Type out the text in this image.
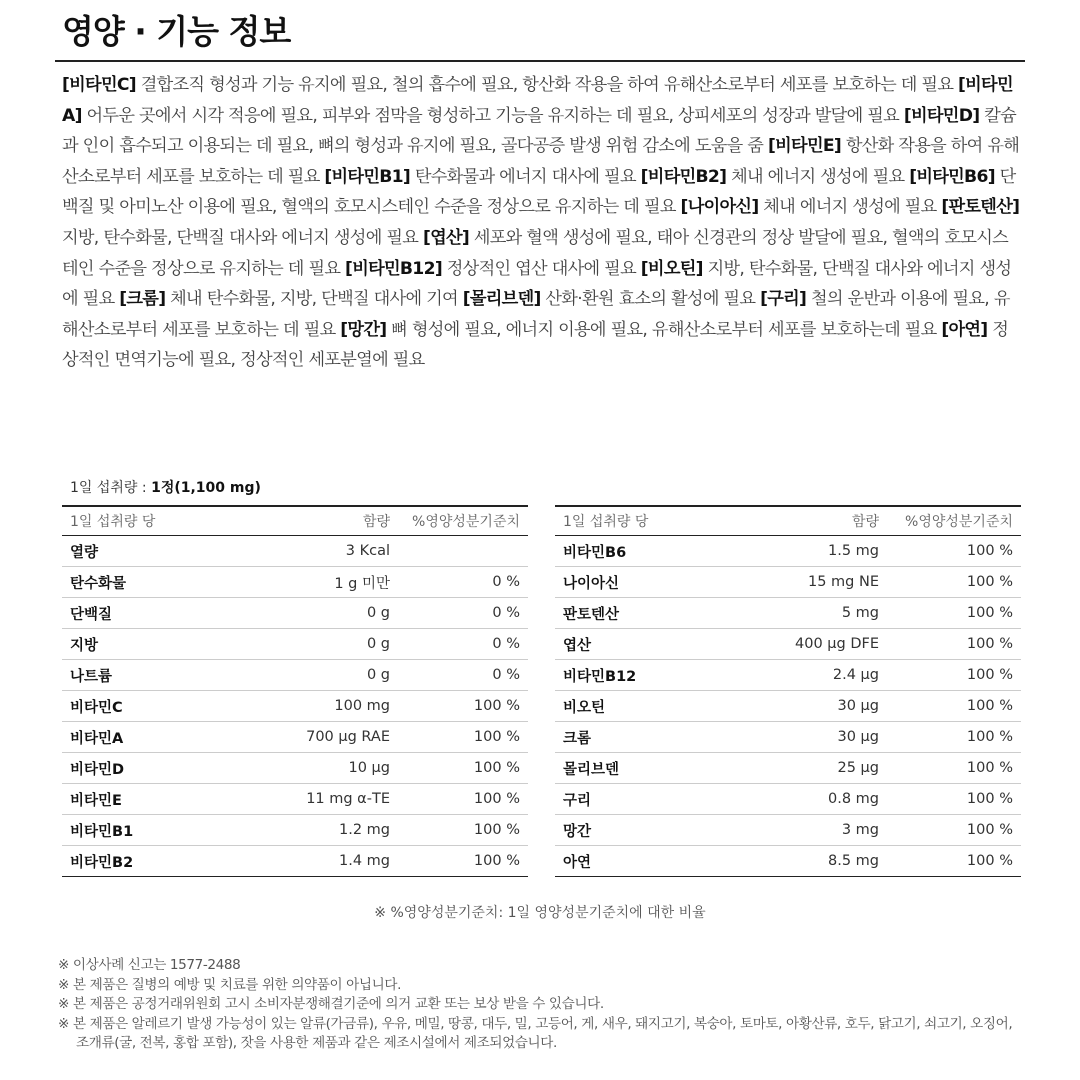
영양 · 기능 정보

[비타민C] 결합조직 형성과 기능 유지에 필요, 철의 흡수에 필요, 항산화 작용을 하여 유해산소로부터 세포를 보호하는 데 필요 [비타민A] 어두운 곳에서 시각 적응에 필요, 피부와 점막을 형성하고 기능을 유지하는 데 필요, 상피세포의 성장과 발달에 필요 [비타민D] 칼슘과 인이 흡수되고 이용되는 데 필요, 뼈의 형성과 유지에 필요, 골다공증 발생 위험 감소에 도움을 줌 [비타민E] 항산화 작용을 하여 유해산소로부터 세포를 보호하는 데 필요 [비타민B1] 탄수화물과 에너지 대사에 필요 [비타민B2] 체내 에너지 생성에 필요 [비타민B6] 단백질 및 아미노산 이용에 필요, 혈액의 호모시스테인 수준을 정상으로 유지하는 데 필요 [나이아신] 체내 에너지 생성에 필요 [판토텐산] 지방, 탄수화물, 단백질 대사와 에너지 생성에 필요 [엽산] 세포와 혈액 생성에 필요, 태아 신경관의 정상 발달에 필요, 혈액의 호모시스테인 수준을 정상으로 유지하는 데 필요 [비타민B12] 정상적인 엽산 대사에 필요 [비오틴] 지방, 탄수화물, 단백질 대사와 에너지 생성에 필요 [크롬] 체내 탄수화물, 지방, 단백질 대사에 기여 [몰리브덴] 산화·환원 효소의 활성에 필요 [구리] 철의 운반과 이용에 필요, 유해산소로부터 세포를 보호하는 데 필요 [망간] 뼈 형성에 필요, 에너지 이용에 필요, 유해산소로부터 세포를 보호하는데 필요 [아연] 정상적인 면역기능에 필요, 정상적인 세포분열에 필요

1일 섭취량 : 1정(1,100 mg)

1일 섭취량 당	함량	%영양성분기준치
열량	3 Kcal	
탄수화물	1 g 미만	0 %
단백질	0 g	0 %
지방	0 g	0 %
나트륨	0 g	0 %
비타민C	100 mg	100 %
비타민A	700 μg RAE	100 %
비타민D	10 μg	100 %
비타민E	11 mg α-TE	100 %
비타민B1	1.2 mg	100 %
비타민B2	1.4 mg	100 %
1일 섭취량 당	함량	%영양성분기준치
비타민B6	1.5 mg	100 %
나이아신	15 mg NE	100 %
판토텐산	5 mg	100 %
엽산	400 μg DFE	100 %
비타민B12	2.4 μg	100 %
비오틴	30 μg	100 %
크롬	30 μg	100 %
몰리브덴	25 μg	100 %
구리	0.8 mg	100 %
망간	3 mg	100 %
아연	8.5 mg	100 %

※ %영양성분기준치: 1일 영양성분기준치에 대한 비율

※ 이상사례 신고는 1577-2488
※ 본 제품은 질병의 예방 및 치료를 위한 의약품이 아닙니다.
※ 본 제품은 공정거래위원회 고시 소비자분쟁해결기준에 의거 교환 또는 보상 받을 수 있습니다.
※ 본 제품은 알레르기 발생 가능성이 있는 알류(가금류), 우유, 메밀, 땅콩, 대두, 밀, 고등어, 게, 새우, 돼지고기, 복숭아, 토마토, 아황산류, 호두, 닭고기, 쇠고기, 오징어, 조개류(굴, 전복, 홍합 포함), 잣을 사용한 제품과 같은 제조시설에서 제조되었습니다.
